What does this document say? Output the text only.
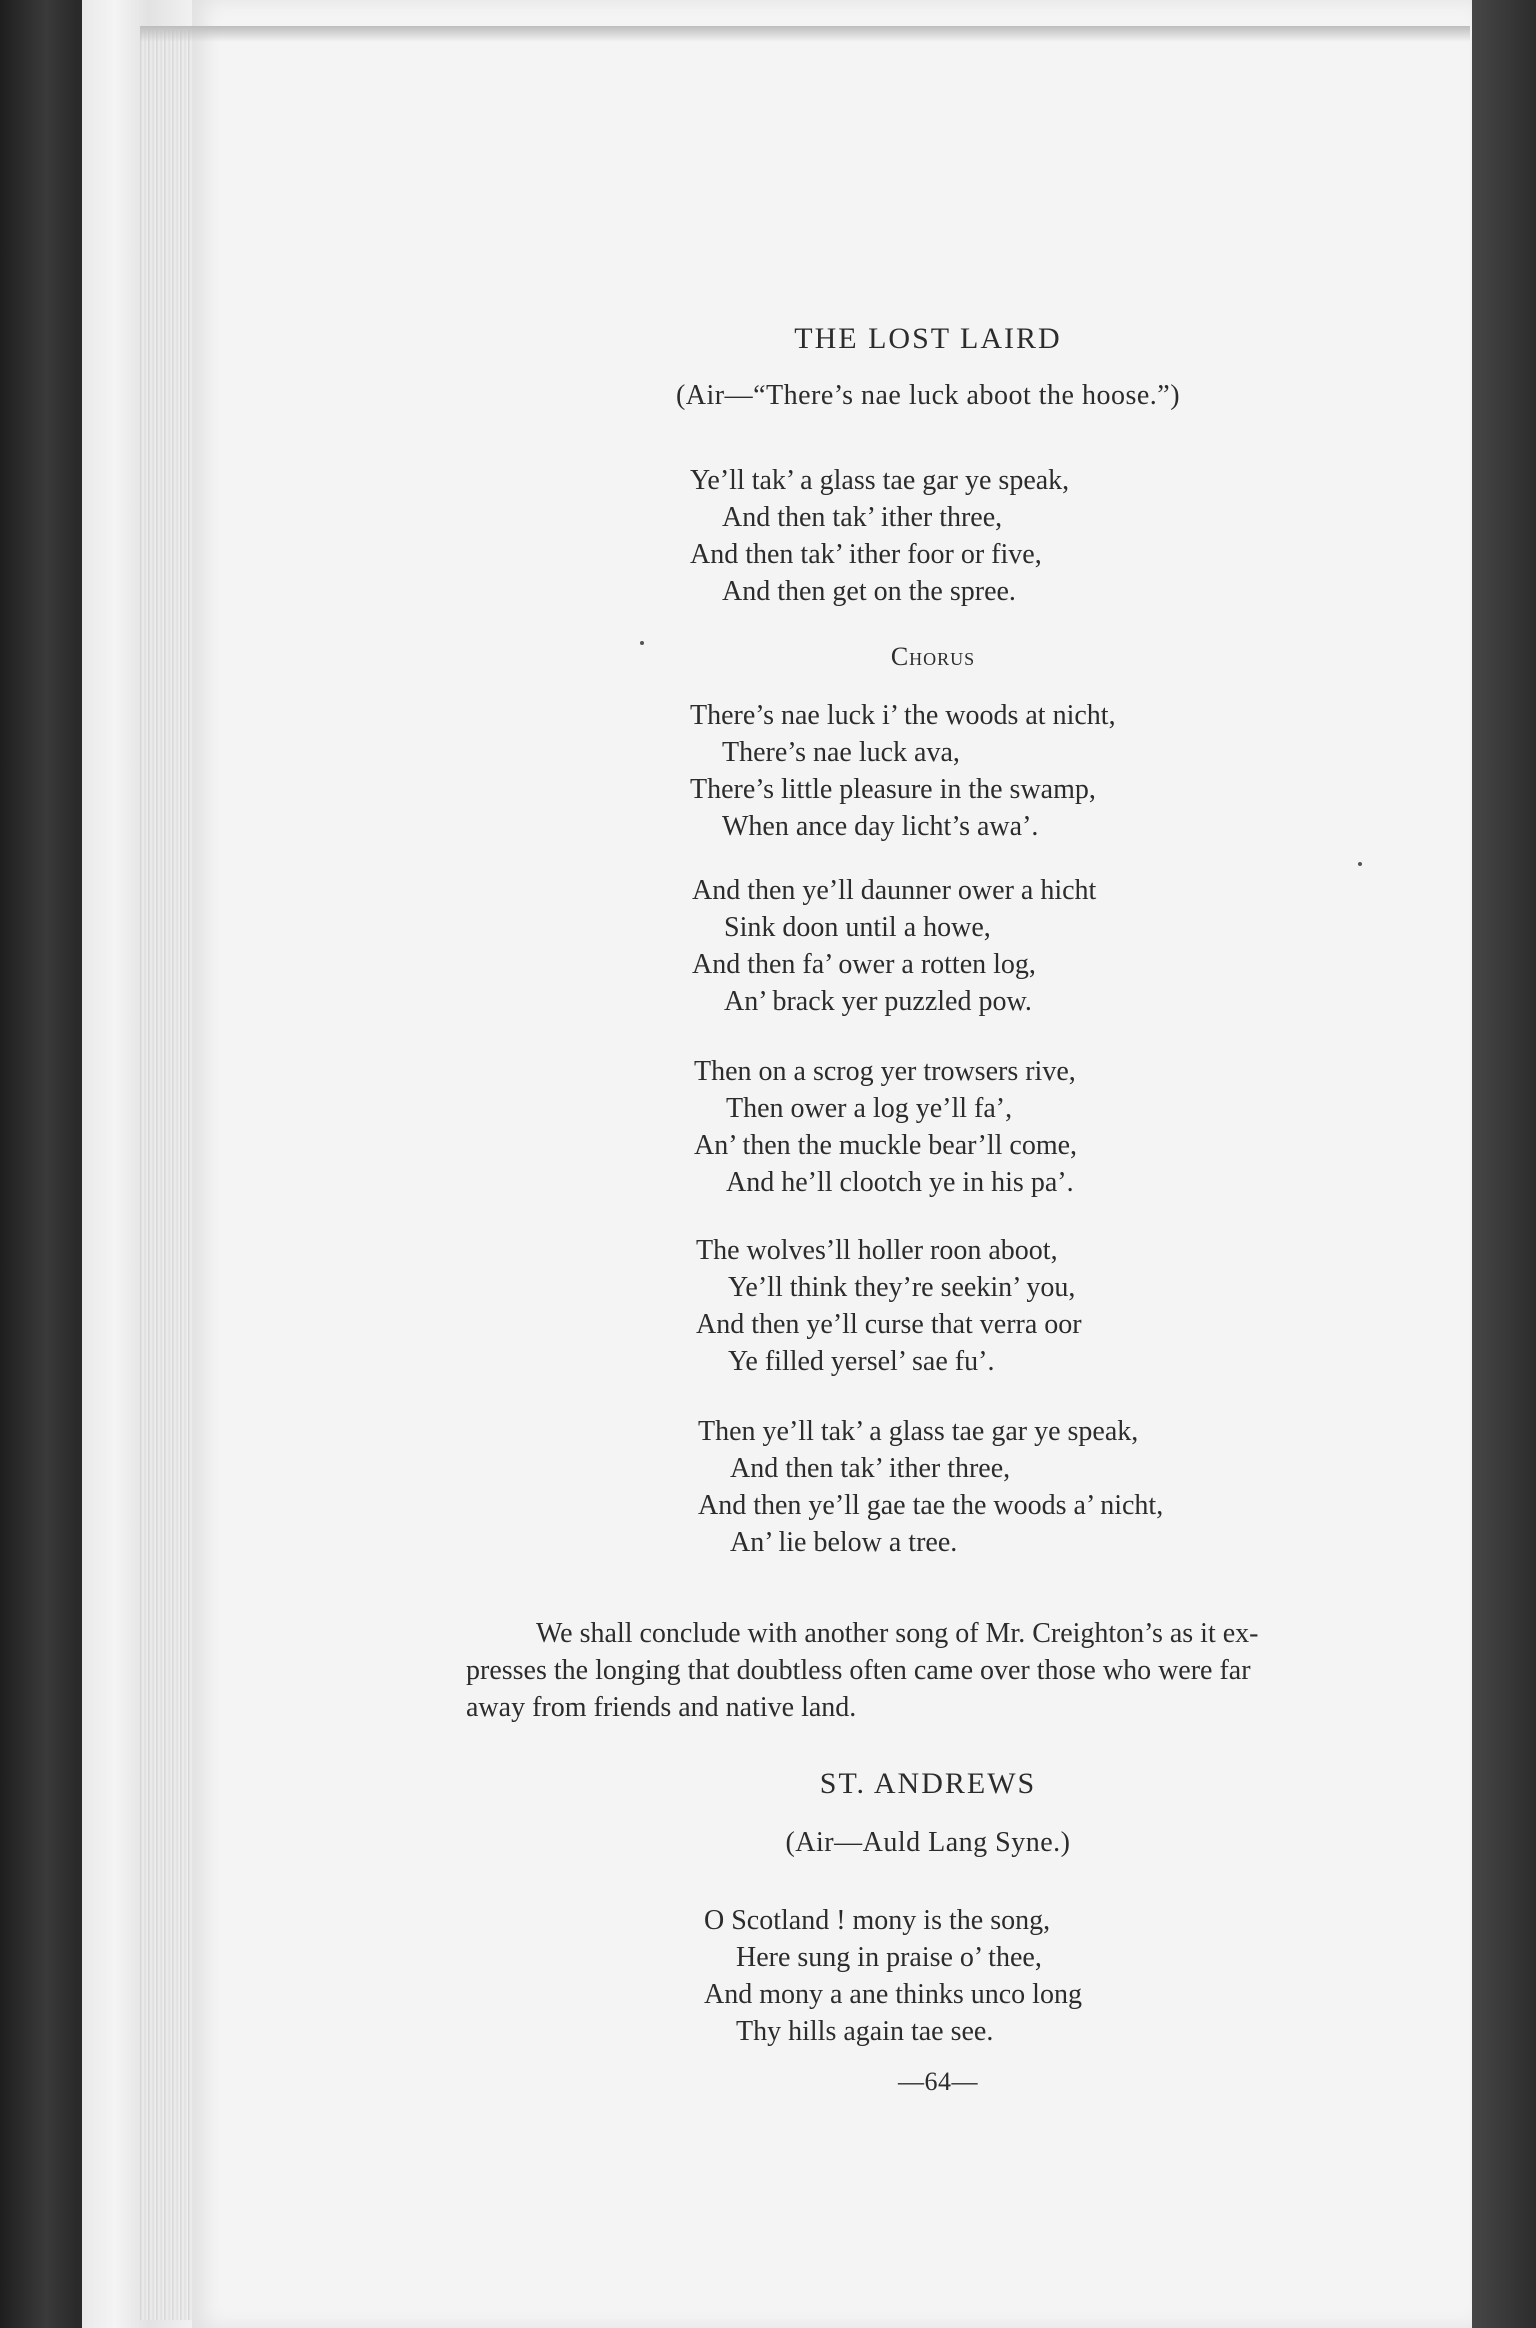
THE LOST LAIRD
(Air—“There’s nae luck aboot the hoose.”)
Ye’ll tak’ a glass tae gar ye speak,
And then tak’ ither three,
And then tak’ ither foor or five,
And then get on the spree.
Chorus
There’s nae luck i’ the woods at nicht,
There’s nae luck ava,
There’s little pleasure in the swamp,
When ance day licht’s awa’.
And then ye’ll daunner ower a hicht
Sink doon until a howe,
And then fa’ ower a rotten log,
An’ brack yer puzzled pow.
Then on a scrog yer trowsers rive,
Then ower a log ye’ll fa’,
An’ then the muckle bear’ll come,
And he’ll clootch ye in his pa’.
The wolves’ll holler roon aboot,
Ye’ll think they’re seekin’ you,
And then ye’ll curse that verra oor
Ye filled yersel’ sae fu’.
Then ye’ll tak’ a glass tae gar ye speak,
And then tak’ ither three,
And then ye’ll gae tae the woods a’ nicht,
An’ lie below a tree.
We shall conclude with another song of Mr. Creighton’s as it ex-
presses the longing that doubtless often came over those who were far
away from friends and native land.
ST. ANDREWS
(Air—Auld Lang Syne.)
O Scotland ! mony is the song,
Here sung in praise o’ thee,
And mony a ane thinks unco long
Thy hills again tae see.
—64—
